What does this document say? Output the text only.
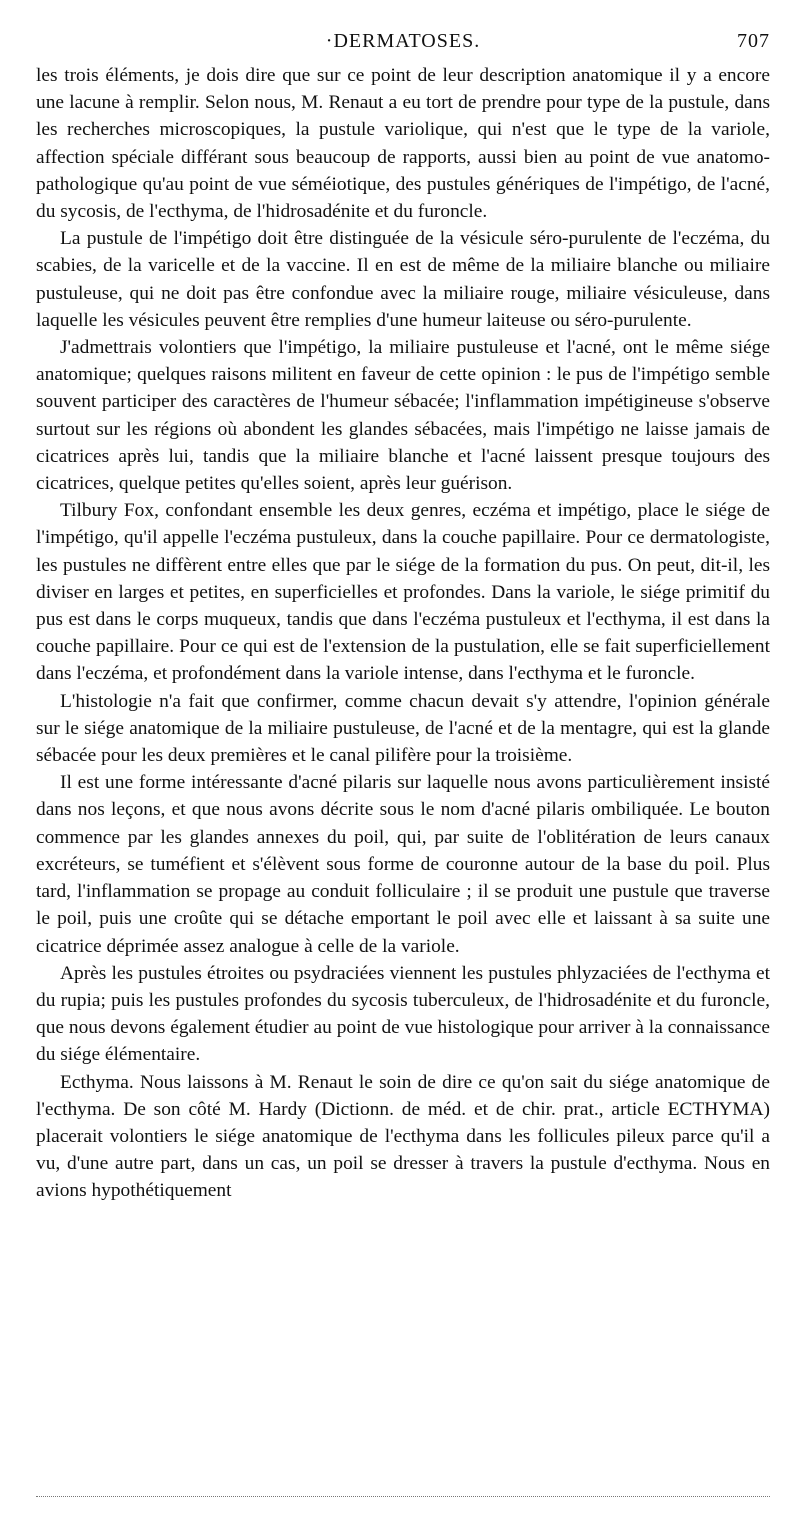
·DERMATOSES.	707

les trois éléments, je dois dire que sur ce point de leur description anatomique il y a encore une lacune à remplir. Selon nous, M. Renaut a eu tort de prendre pour type de la pustule, dans les recherches microscopiques, la pustule variolique, qui n'est que le type de la variole, affection spéciale différant sous beaucoup de rapports, aussi bien au point de vue anatomo-pathologique qu'au point de vue séméiotique, des pustules génériques de l'impétigo, de l'acné, du sycosis, de l'ecthyma, de l'hidrosadénite et du furoncle.

La pustule de l'impétigo doit être distinguée de la vésicule séro-purulente de l'eczéma, du scabies, de la varicelle et de la vaccine. Il en est de même de la miliaire blanche ou miliaire pustuleuse, qui ne doit pas être confondue avec la miliaire rouge, miliaire vésiculeuse, dans laquelle les vésicules peuvent être remplies d'une humeur laiteuse ou séro-purulente.

J'admettrais volontiers que l'impétigo, la miliaire pustuleuse et l'acné, ont le même siége anatomique; quelques raisons militent en faveur de cette opinion : le pus de l'impétigo semble souvent participer des caractères de l'humeur sébacée; l'inflammation impétigineuse s'observe surtout sur les régions où abondent les glandes sébacées, mais l'impétigo ne laisse jamais de cicatrices après lui, tandis que la miliaire blanche et l'acné laissent presque toujours des cicatrices, quelque petites qu'elles soient, après leur guérison.

Tilbury Fox, confondant ensemble les deux genres, eczéma et impétigo, place le siége de l'impétigo, qu'il appelle l'eczéma pustuleux, dans la couche papillaire. Pour ce dermatologiste, les pustules ne diffèrent entre elles que par le siége de la formation du pus. On peut, dit-il, les diviser en larges et petites, en superficielles et profondes. Dans la variole, le siége primitif du pus est dans le corps muqueux, tandis que dans l'eczéma pustuleux et l'ecthyma, il est dans la couche papillaire. Pour ce qui est de l'extension de la pustulation, elle se fait superficiellement dans l'eczéma, et profondément dans la variole intense, dans l'ecthyma et le furoncle.

L'histologie n'a fait que confirmer, comme chacun devait s'y attendre, l'opinion générale sur le siége anatomique de la miliaire pustuleuse, de l'acné et de la mentagre, qui est la glande sébacée pour les deux premières et le canal pilifère pour la troisième.

Il est une forme intéressante d'acné pilaris sur laquelle nous avons particulièrement insisté dans nos leçons, et que nous avons décrite sous le nom d'acné pilaris ombiliquée. Le bouton commence par les glandes annexes du poil, qui, par suite de l'oblitération de leurs canaux excréteurs, se tuméfient et s'élèvent sous forme de couronne autour de la base du poil. Plus tard, l'inflammation se propage au conduit folliculaire ; il se produit une pustule que traverse le poil, puis une croûte qui se détache emportant le poil avec elle et laissant à sa suite une cicatrice déprimée assez analogue à celle de la variole.

Après les pustules étroites ou psydraciées viennent les pustules phlyzaciées de l'ecthyma et du rupia; puis les pustules profondes du sycosis tuberculeux, de l'hidrosadénite et du furoncle, que nous devons également étudier au point de vue histologique pour arriver à la connaissance du siége élémentaire.

Ecthyma. Nous laissons à M. Renaut le soin de dire ce qu'on sait du siége anatomique de l'ecthyma. De son côté M. Hardy (Dictionn. de méd. et de chir. prat., article ECTHYMA) placerait volontiers le siége anatomique de l'ecthyma dans les follicules pileux parce qu'il a vu, d'une autre part, dans un cas, un poil se dresser à travers la pustule d'ecthyma. Nous en avions hypothétiquement
